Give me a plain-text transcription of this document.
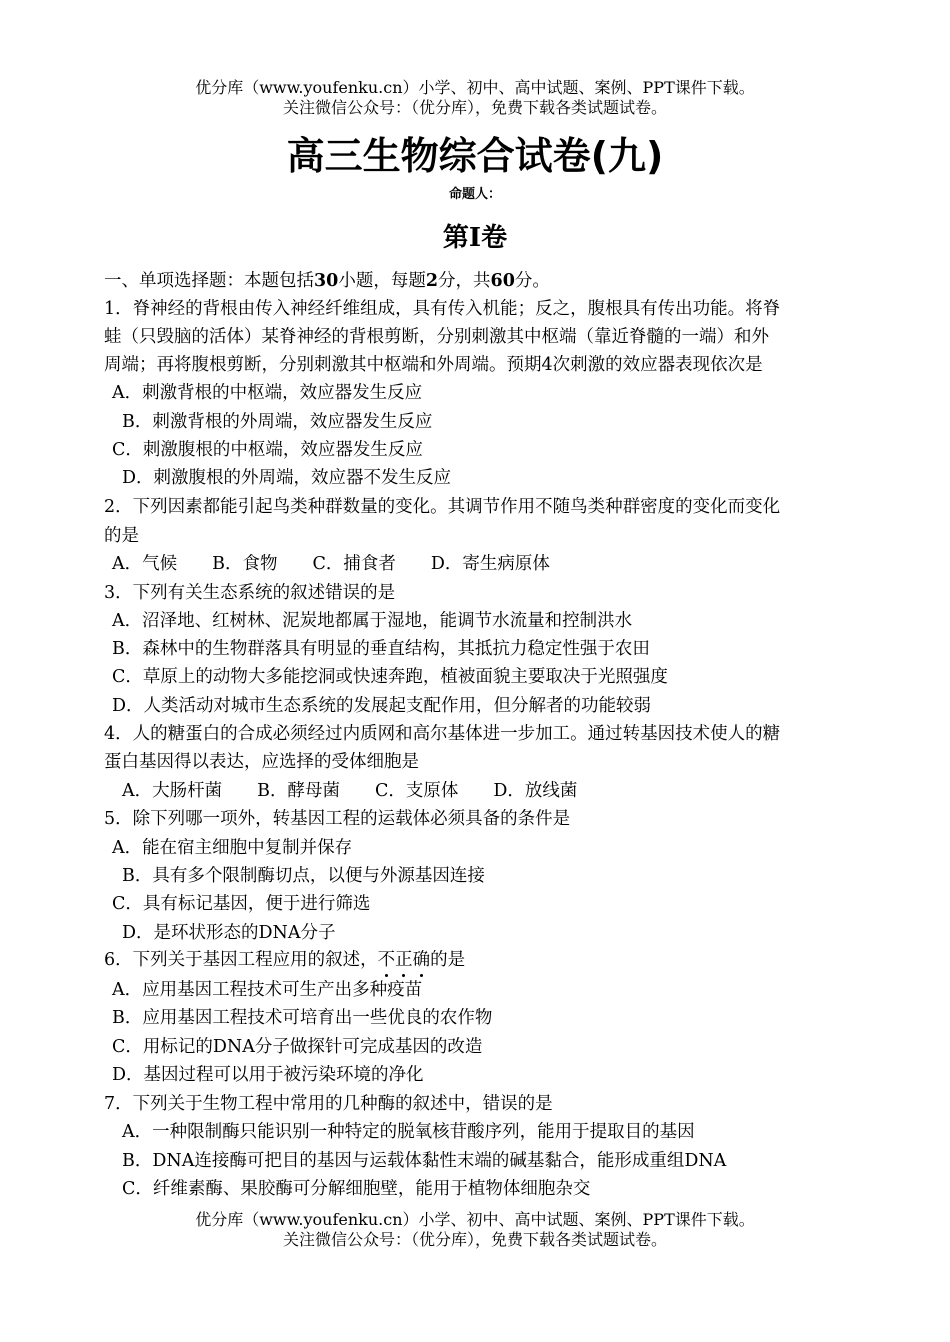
优分库（www.youfenku.cn）小学、初中、高中试题、案例、PPT课件下载。
关注微信公众号：（优分库），免费下载各类试题试卷。
高三生物综合试卷(九)
命题人：
第Ⅰ卷
一、单项选择题：本题包括30小题，每题2分，共60分。
1．脊神经的背根由传入神经纤维组成，具有传入机能；反之，腹根具有传出功能。将脊
蛙（只毁脑的活体）某脊神经的背根剪断，分别刺激其中枢端（靠近脊髓的一端）和外
周端；再将腹根剪断，分别刺激其中枢端和外周端。预期4次刺激的效应器表现依次是
A．刺激背根的中枢端，效应器发生反应
B．刺激背根的外周端，效应器发生反应
C．刺激腹根的中枢端，效应器发生反应
D．刺激腹根的外周端，效应器不发生反应
2．下列因素都能引起鸟类种群数量的变化。其调节作用不随鸟类种群密度的变化而变化
的是
A．气候　　B．食物　　C．捕食者　　D．寄生病原体
3．下列有关生态系统的叙述错误的是
A．沼泽地、红树林、泥炭地都属于湿地，能调节水流量和控制洪水
B．森林中的生物群落具有明显的垂直结构，其抵抗力稳定性强于农田
C．草原上的动物大多能挖洞或快速奔跑，植被面貌主要取决于光照强度
D．人类活动对城市生态系统的发展起支配作用，但分解者的功能较弱
4．人的糖蛋白的合成必须经过内质网和高尔基体进一步加工。通过转基因技术使人的糖
蛋白基因得以表达，应选择的受体细胞是
A．大肠杆菌　　B．酵母菌　　C．支原体　　D．放线菌
5．除下列哪一项外，转基因工程的运载体必须具备的条件是
A．能在宿主细胞中复制并保存
B．具有多个限制酶切点，以便与外源基因连接
C．具有标记基因，便于进行筛选
D．是环状形态的DNA分子
6．下列关于基因工程应用的叙述，不正确的是
A．应用基因工程技术可生产出多种疫苗
B．应用基因工程技术可培育出一些优良的农作物
C．用标记的DNA分子做探针可完成基因的改造
D．基因过程可以用于被污染环境的净化
7．下列关于生物工程中常用的几种酶的叙述中，错误的是
A．一种限制酶只能识别一种特定的脱氧核苷酸序列，能用于提取目的基因
B．DNA连接酶可把目的基因与运载体黏性末端的碱基黏合，能形成重组DNA
C．纤维素酶、果胶酶可分解细胞壁，能用于植物体细胞杂交
优分库（www.youfenku.cn）小学、初中、高中试题、案例、PPT课件下载。
关注微信公众号：（优分库），免费下载各类试题试卷。
